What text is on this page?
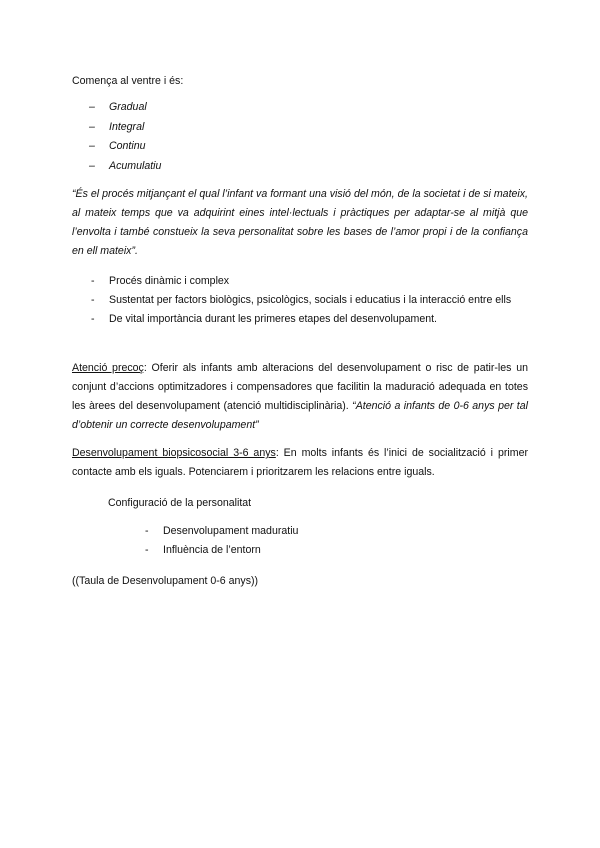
Comença al ventre i és:
– Gradual
– Integral
– Continu
– Acumulatiu
“És el procés mitjançant el qual l’infant va formant una visió del món, de la societat i de si mateix, al mateix temps que va adquirint eines intel·lectuals i pràctiques per adaptar-se al mitjà que l’envolta i també constueix la seva personalitat sobre les bases de l’amor propi i de la confiança en ell mateix”.
- Procés dinàmic i complex
- Sustentat per factors biològics, psicològics, socials i educatius i la interacció entre ells
- De vital importància durant les primeres etapes del desenvolupament.
Atenció precoç: Oferir als infants amb alteracions del desenvolupament o risc de patir-les un conjunt d’accions optimitzadores i compensadores que facilitin la maduració adequada en totes les àrees del desenvolupament (atenció multidisciplinària). “Atenció a infants de 0-6 anys per tal d’obtenir un correcte desenvolupament”
Desenvolupament biopsicosocial 3-6 anys: En molts infants és l’inici de socialització i primer contacte amb els iguals. Potenciarem i prioritzarem les relacions entre iguals.
Configuració de la personalitat
- Desenvolupament maduratiu
- Influència de l’entorn
((Taula de Desenvolupament 0-6 anys))
